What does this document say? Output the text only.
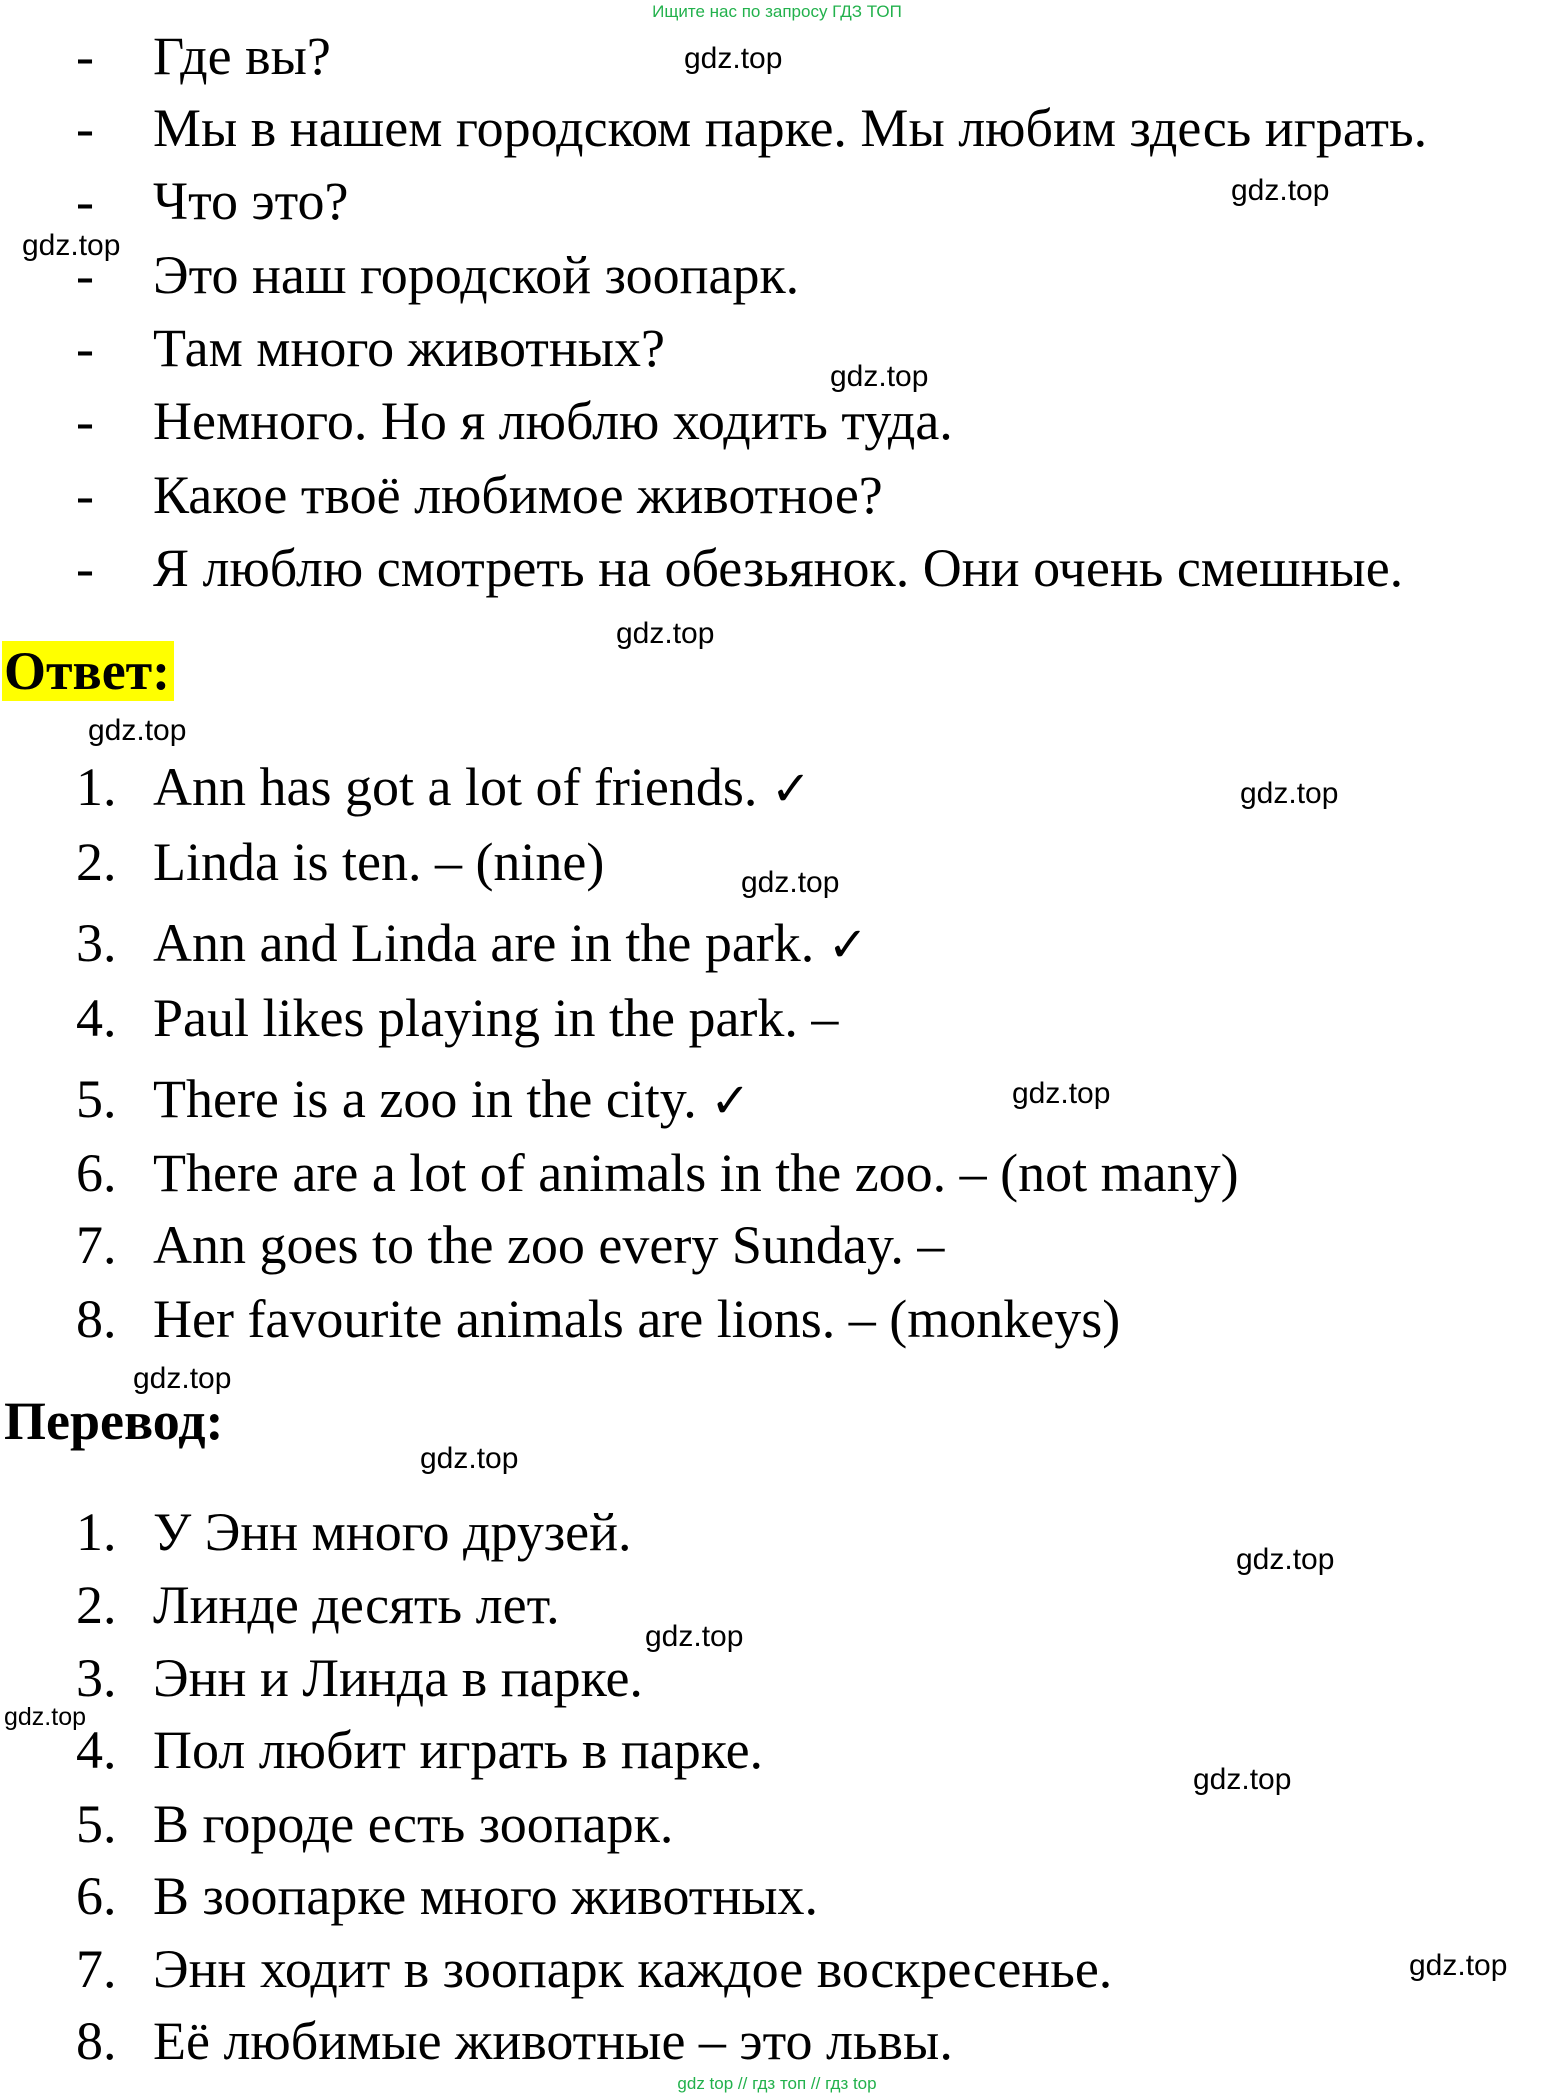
Ищите нас по запросу ГДЗ ТОП
- Где вы?
- Мы в нашем городском парке. Мы любим здесь играть.
- Что это?
- Это наш городской зоопарк.
- Там много животных?
- Немного. Но я люблю ходить туда.
- Какое твоё любимое животное?
- Я люблю смотреть на обезьянок. Они очень смешные.
Ответ:
1. Ann has got a lot of friends. ✓
2. Linda is ten. – (nine)
3. Ann and Linda are in the park. ✓
4. Paul likes playing in the park. –
5. There is a zoo in the city. ✓
6. There are a lot of animals in the zoo. – (not many)
7. Ann goes to the zoo every Sunday. –
8. Her favourite animals are lions. – (monkeys)
Перевод:
1. У Энн много друзей.
2. Линде десять лет.
3. Энн и Линда в парке.
4. Пол любит играть в парке.
5. В городе есть зоопарк.
6. В зоопарке много животных.
7. Энн ходит в зоопарк каждое воскресенье.
8. Её любимые животные – это львы.
gdz.top
gdz.top
gdz.top
gdz.top
gdz.top
gdz.top
gdz.top
gdz.top
gdz.top
gdz.top
gdz.top
gdz.top
gdz.top
gdz.top
gdz.top
gdz.top
gdz top // гдз топ // гдз top
